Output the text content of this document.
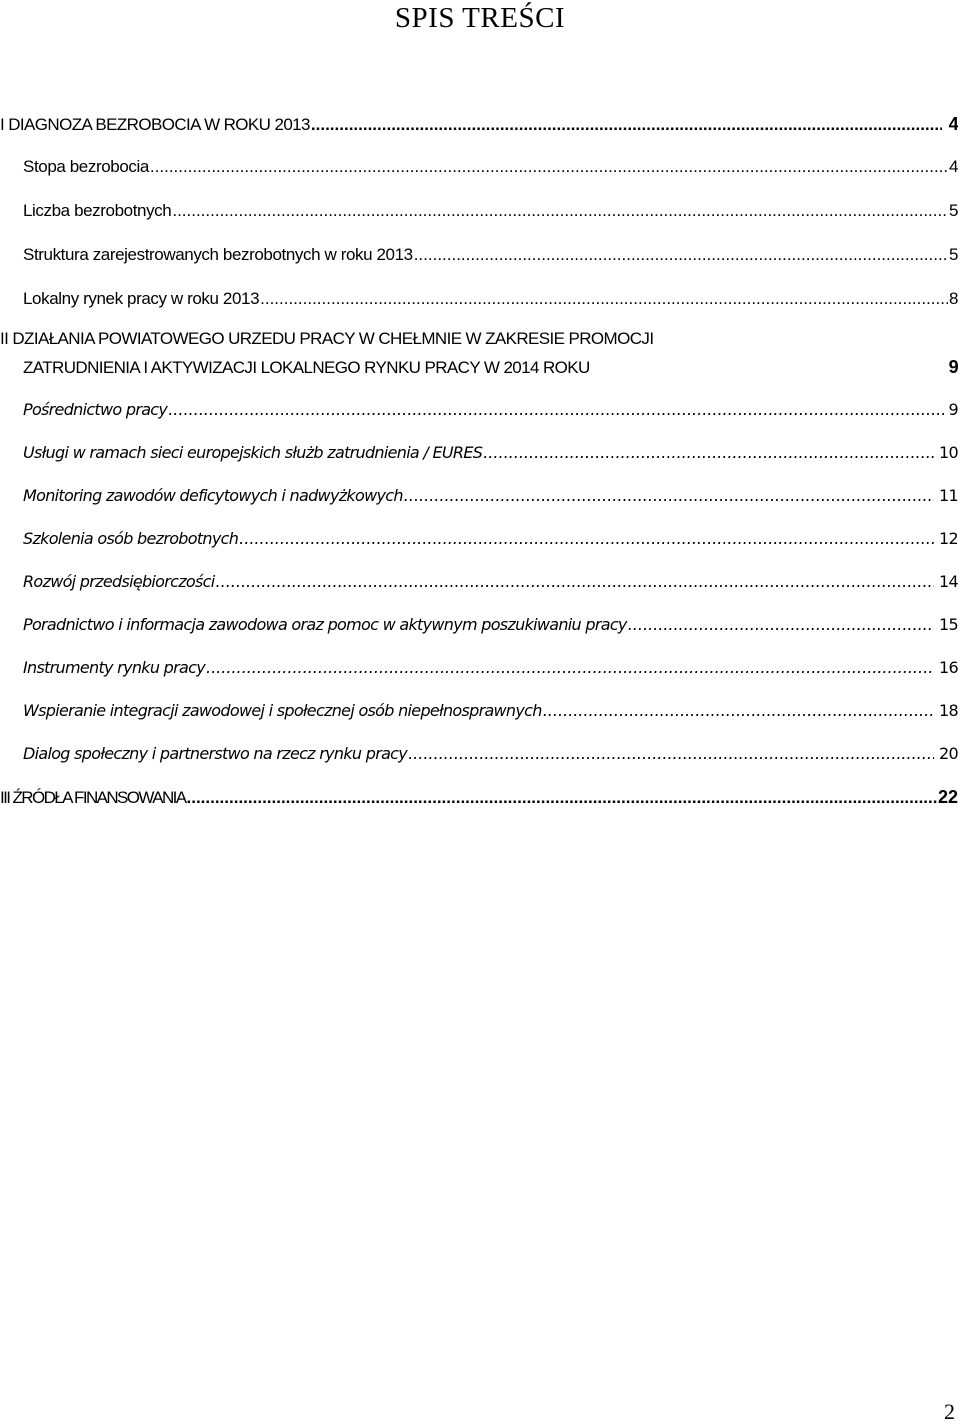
SPIS TREŚCI
I DIAGNOZA BEZROBOCIA W ROKU 2013 .....	4
Stopa bezrobocia .....	4
Liczba bezrobotnych .....	5
Struktura zarejestrowanych bezrobotnych w roku 2013 .....	5
Lokalny rynek pracy w roku 2013 .....	8
II DZIAŁANIA POWIATOWEGO URZEDU PRACY W CHEŁMNIE W ZAKRESIE PROMOCJI
ZATRUDNIENIA I AKTYWIZACJI LOKALNEGO RYNKU PRACY W 2014 ROKU	9
Pośrednictwo pracy .....	9
Usługi w ramach sieci europejskich służb zatrudnienia / EURES .....	10
Monitoring zawodów deficytowych i nadwyżkowych .....	11
Szkolenia osób bezrobotnych .....	12
Rozwój przedsiębiorczości .....	14
Poradnictwo i informacja zawodowa oraz pomoc w aktywnym poszukiwaniu pracy .....	15
Instrumenty rynku pracy .....	16
Wspieranie integracji zawodowej i społecznej osób niepełnosprawnych .....	18
Dialog społeczny i partnerstwo na rzecz rynku pracy .....	20
III ŹRÓDŁA FINANSOWANIA .....	22
2
